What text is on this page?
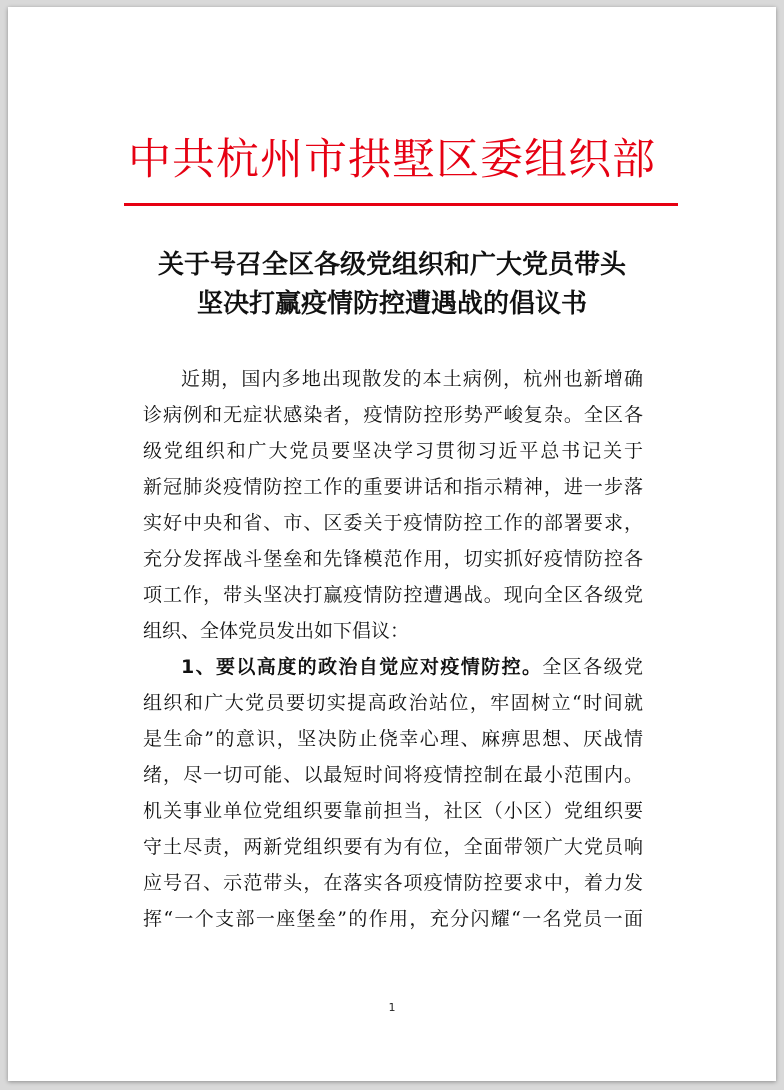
中共杭州市拱墅区委组织部
关于号召全区各级党组织和广大党员带头
坚决打赢疫情防控遭遇战的倡议书
近期，国内多地出现散发的本土病例，杭州也新增确
诊病例和无症状感染者，疫情防控形势严峻复杂。全区各
级党组织和广大党员要坚决学习贯彻习近平总书记关于
新冠肺炎疫情防控工作的重要讲话和指示精神，进一步落
实好中央和省、市、区委关于疫情防控工作的部署要求，
充分发挥战斗堡垒和先锋模范作用，切实抓好疫情防控各
项工作，带头坚决打赢疫情防控遭遇战。现向全区各级党
组织、全体党员发出如下倡议：
1、要以高度的政治自觉应对疫情防控。全区各级党
组织和广大党员要切实提高政治站位，牢固树立“时间就
是生命”的意识，坚决防止侥幸心理、麻痹思想、厌战情
绪，尽一切可能、以最短时间将疫情控制在最小范围内。
机关事业单位党组织要靠前担当，社区（小区）党组织要
守土尽责，两新党组织要有为有位，全面带领广大党员响
应号召、示范带头，在落实各项疫情防控要求中，着力发
挥“一个支部一座堡垒”的作用，充分闪耀“一名党员一面
1
